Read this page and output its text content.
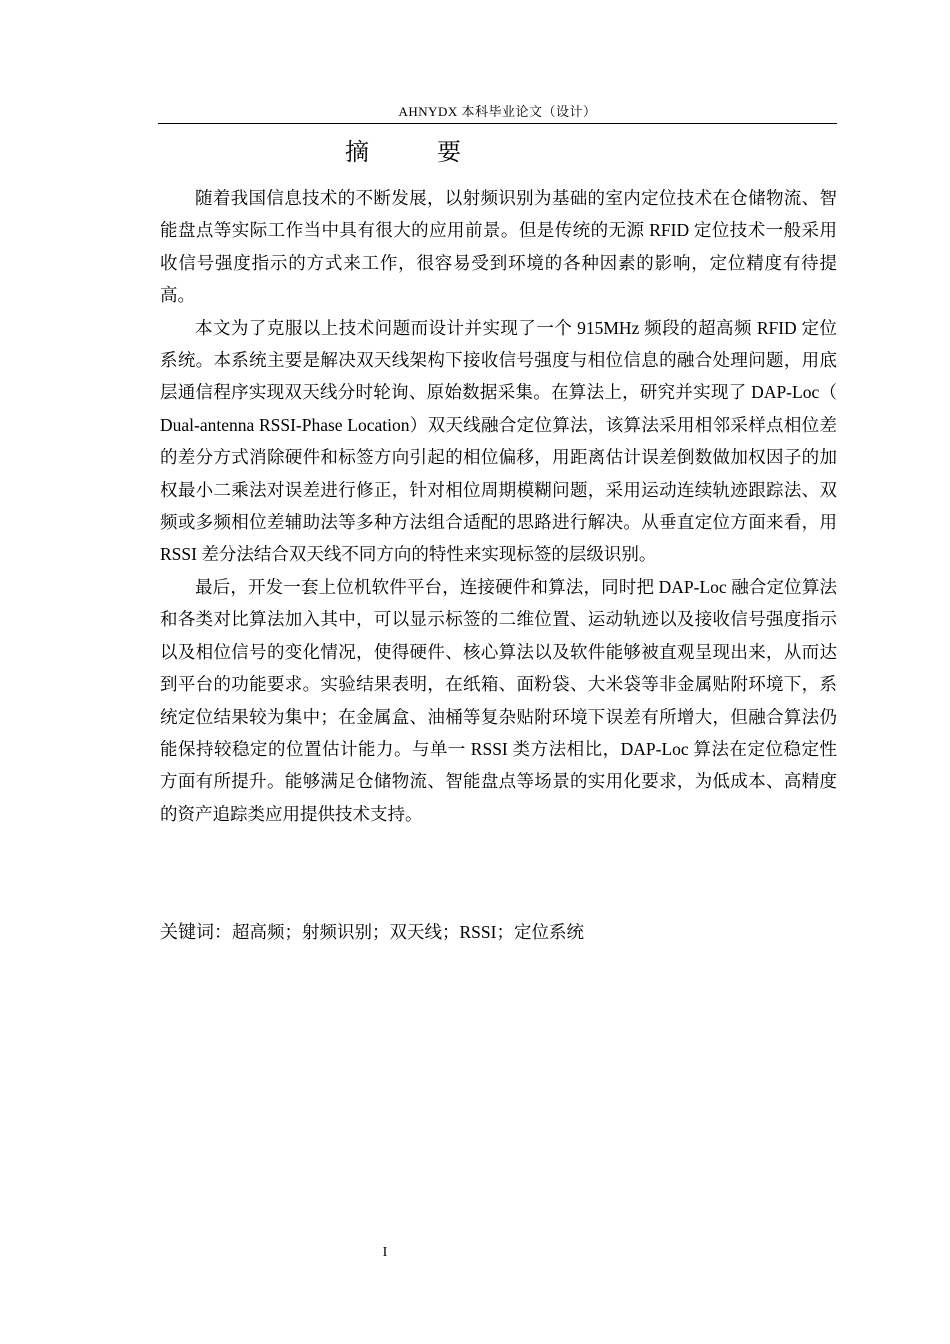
AHNYDX 本科毕业论文（设计）
摘　要

随着我国信息技术的不断发展，以射频识别为基础的室内定位技术在仓储物流、智能盘点等实际工作当中具有很大的应用前景。但是传统的无源 RFID 定位技术一般采用收信号强度指示的方式来工作，很容易受到环境的各种因素的影响，定位精度有待提高。

本文为了克服以上技术问题而设计并实现了一个 915MHz 频段的超高频 RFID 定位系统。本系统主要是解决双天线架构下接收信号强度与相位信息的融合处理问题，用底层通信程序实现双天线分时轮询、原始数据采集。在算法上，研究并实现了 DAP-Loc（ Dual-antenna RSSI-Phase Location）双天线融合定位算法，该算法采用相邻采样点相位差的差分方式消除硬件和标签方向引起的相位偏移，用距离估计误差倒数做加权因子的加权最小二乘法对误差进行修正，针对相位周期模糊问题，采用运动连续轨迹跟踪法、双频或多频相位差辅助法等多种方法组合适配的思路进行解决。从垂直定位方面来看，用 RSSI 差分法结合双天线不同方向的特性来实现标签的层级识别。

最后，开发一套上位机软件平台，连接硬件和算法，同时把 DAP-Loc 融合定位算法和各类对比算法加入其中，可以显示标签的二维位置、运动轨迹以及接收信号强度指示以及相位信号的变化情况，使得硬件、核心算法以及软件能够被直观呈现出来，从而达到平台的功能要求。实验结果表明，在纸箱、面粉袋、大米袋等非金属贴附环境下，系统定位结果较为集中；在金属盒、油桶等复杂贴附环境下误差有所增大，但融合算法仍能保持较稳定的位置估计能力。与单一 RSSI 类方法相比，DAP-Loc 算法在定位稳定性方面有所提升。能够满足仓储物流、智能盘点等场景的实用化要求，为低成本、高精度的资产追踪类应用提供技术支持。

关键词：超高频；射频识别；双天线；RSSI；定位系统
I
